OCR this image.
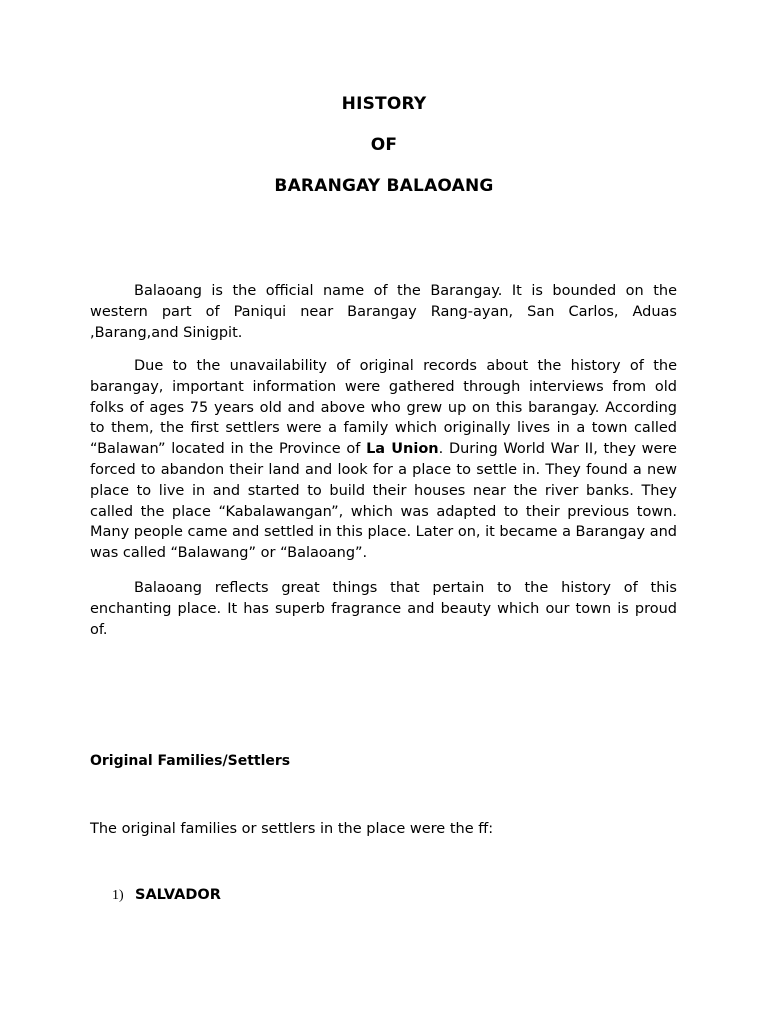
HISTORY
OF
BARANGAY BALAOANG

Balaoang is the official name of the Barangay. It is bounded on the western part of Paniqui near Barangay Rang-ayan, San Carlos, Aduas ,Barang,and Sinigpit.

Due to the unavailability of original records about the history of the barangay, important information were gathered through interviews from old folks of ages 75 years old and above who grew up on this barangay. According to them, the first settlers were a family which originally lives in a town called “Balawan” located in the Province of La Union. During World War II, they were forced to abandon their land and look for a place to settle in. They found a new place to live in and started to build their houses near the river banks. They called the place “Kabalawangan”, which was adapted to their previous town. Many people came and settled in this place. Later on, it became a Barangay and was called “Balawang” or “Balaoang”.

Balaoang reflects great things that pertain to the history of this enchanting place. It has superb fragrance and beauty which our town is proud of.

Original Families/Settlers

The original families or settlers in the place were the ff:

1) SALVADOR
